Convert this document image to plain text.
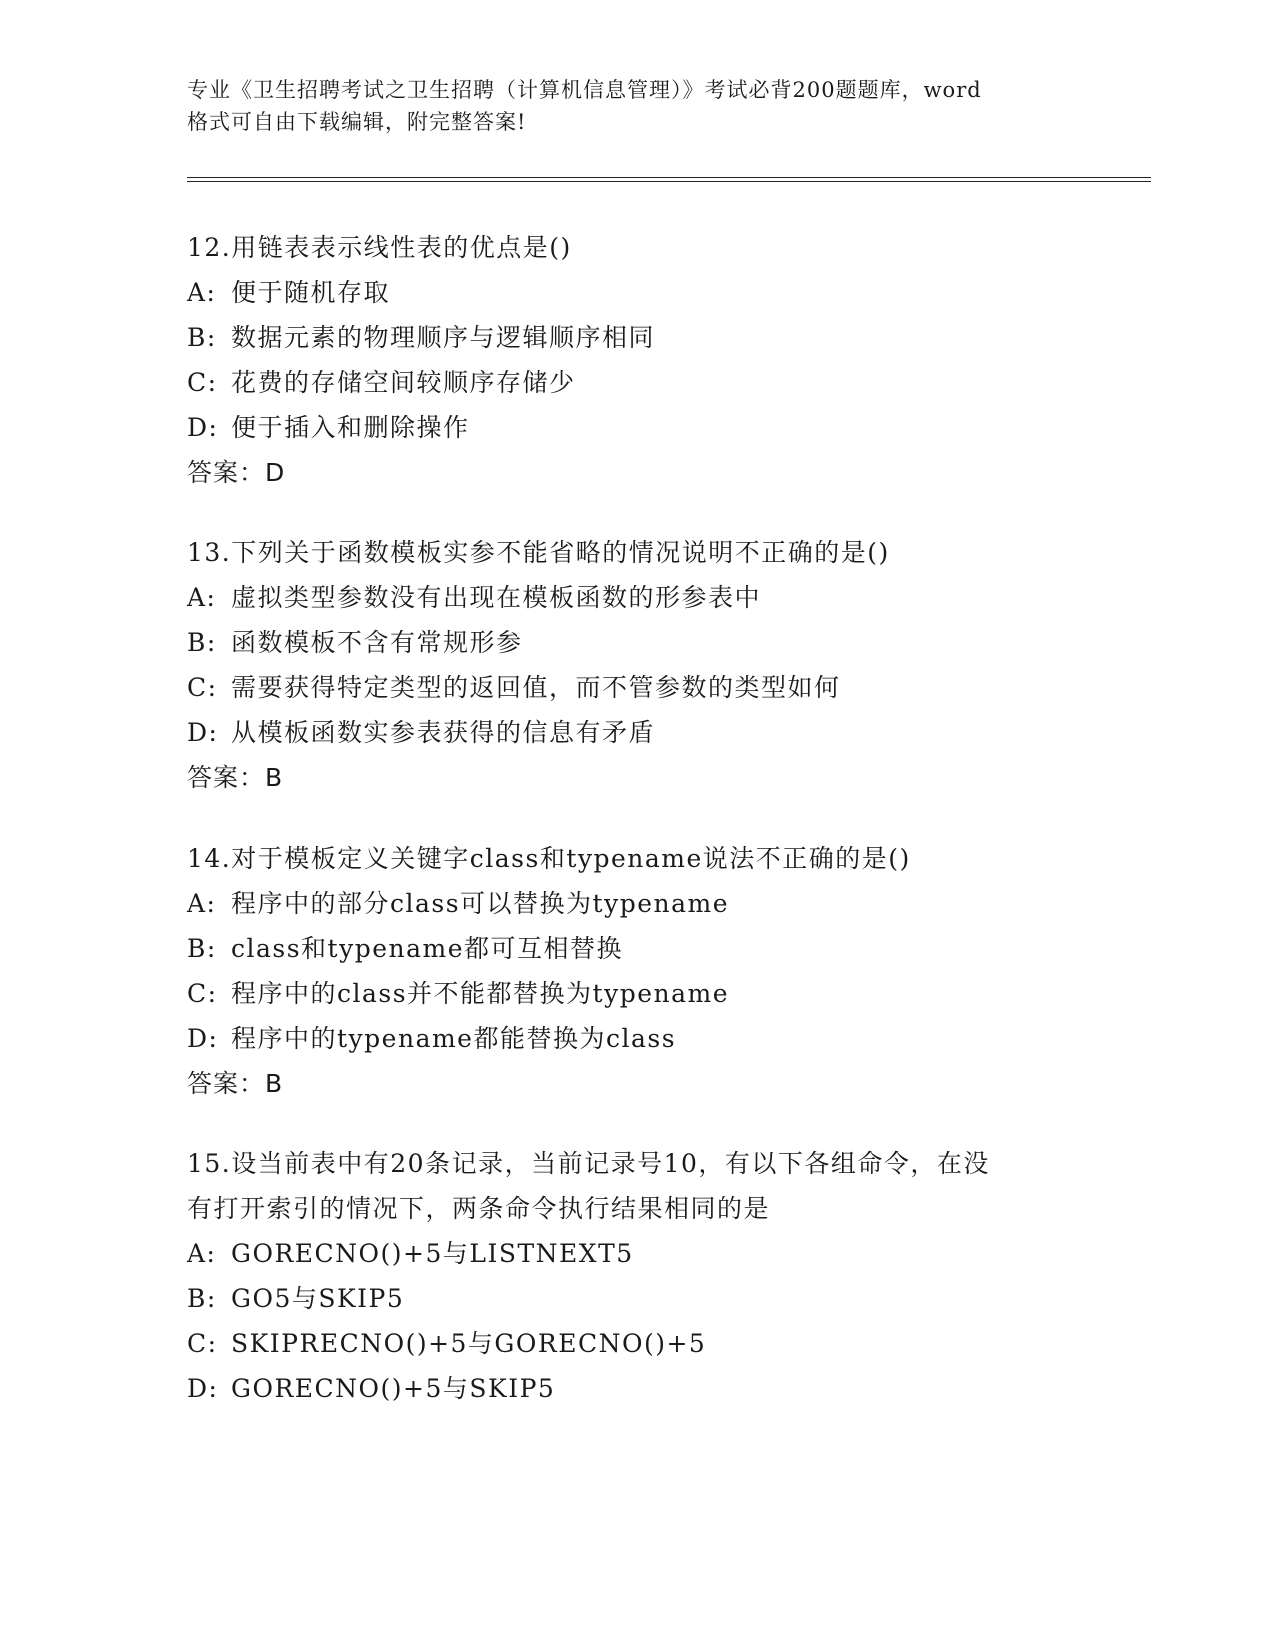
专业《卫生招聘考试之卫生招聘（计算机信息管理）》考试必背200题题库，word
格式可自由下载编辑，附完整答案!
12.用链表表示线性表的优点是()
A: 便于随机存取
B: 数据元素的物理顺序与逻辑顺序相同
C: 花费的存储空间较顺序存储少
D: 便于插入和删除操作
答案：D
13.下列关于函数模板实参不能省略的情况说明不正确的是()
A: 虚拟类型参数没有出现在模板函数的形参表中
B: 函数模板不含有常规形参
C: 需要获得特定类型的返回值，而不管参数的类型如何
D: 从模板函数实参表获得的信息有矛盾
答案：B
14.对于模板定义关键字class和typename说法不正确的是()
A: 程序中的部分class可以替换为typename
B: class和typename都可互相替换
C: 程序中的class并不能都替换为typename
D: 程序中的typename都能替换为class
答案：B
15.设当前表中有20条记录，当前记录号10，有以下各组命令，在没
有打开索引的情况下，两条命令执行结果相同的是
A: GORECNO()+5与LISTNEXT5
B: GO5与SKIP5
C: SKIPRECNO()+5与GORECNO()+5
D: GORECNO()+5与SKIP5
